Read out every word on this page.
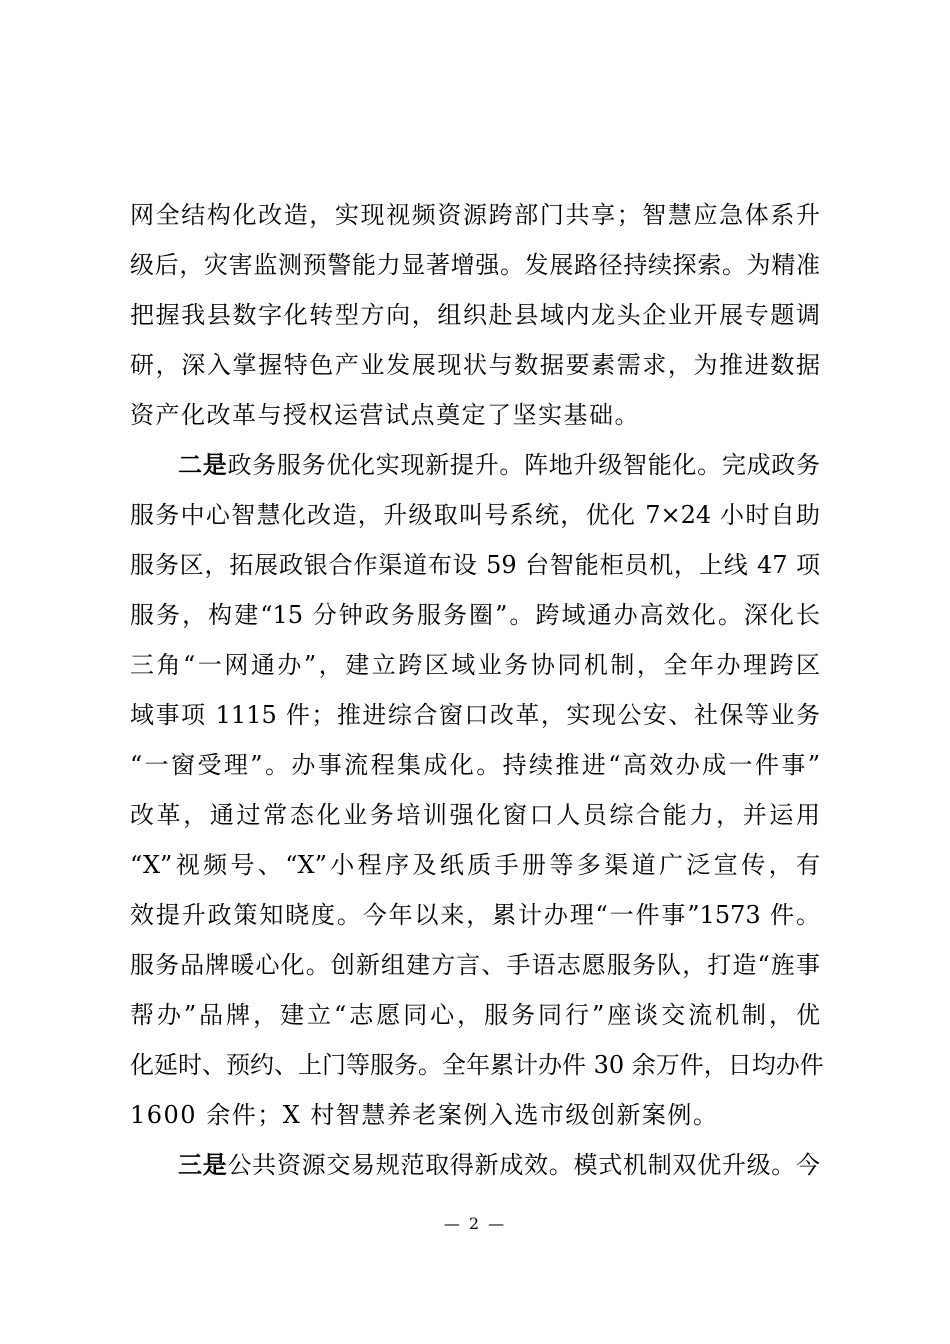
网全结构化改造，实现视频资源跨部门共享；智慧应急体系升
级后，灾害监测预警能力显著增强。发展路径持续探索。为精准
把握我县数字化转型方向，组织赴县域内龙头企业开展专题调
研，深入掌握特色产业发展现状与数据要素需求，为推进数据
资产化改革与授权运营试点奠定了坚实基础。
二是政务服务优化实现新提升。阵地升级智能化。完成政务
服务中心智慧化改造，升级取叫号系统，优化 7×24 小时自助
服务区，拓展政银合作渠道布设 59 台智能柜员机，上线 47 项
服务，构建“15 分钟政务服务圈”。跨域通办高效化。深化长
三角“一网通办”，建立跨区域业务协同机制，全年办理跨区
域事项 1115 件；推进综合窗口改革，实现公安、社保等业务
“一窗受理”。办事流程集成化。持续推进“高效办成一件事”
改革，通过常态化业务培训强化窗口人员综合能力，并运用
“X”视频号、“X”小程序及纸质手册等多渠道广泛宣传，有
效提升政策知晓度。今年以来，累计办理“一件事”1573 件。
服务品牌暖心化。创新组建方言、手语志愿服务队，打造“旌事
帮办”品牌，建立“志愿同心，服务同行”座谈交流机制，优
化延时、预约、上门等服务。全年累计办件 30 余万件，日均办件
1600 余件；X 村智慧养老案例入选市级创新案例。
三是公共资源交易规范取得新成效。模式机制双优升级。今
— 2 —
